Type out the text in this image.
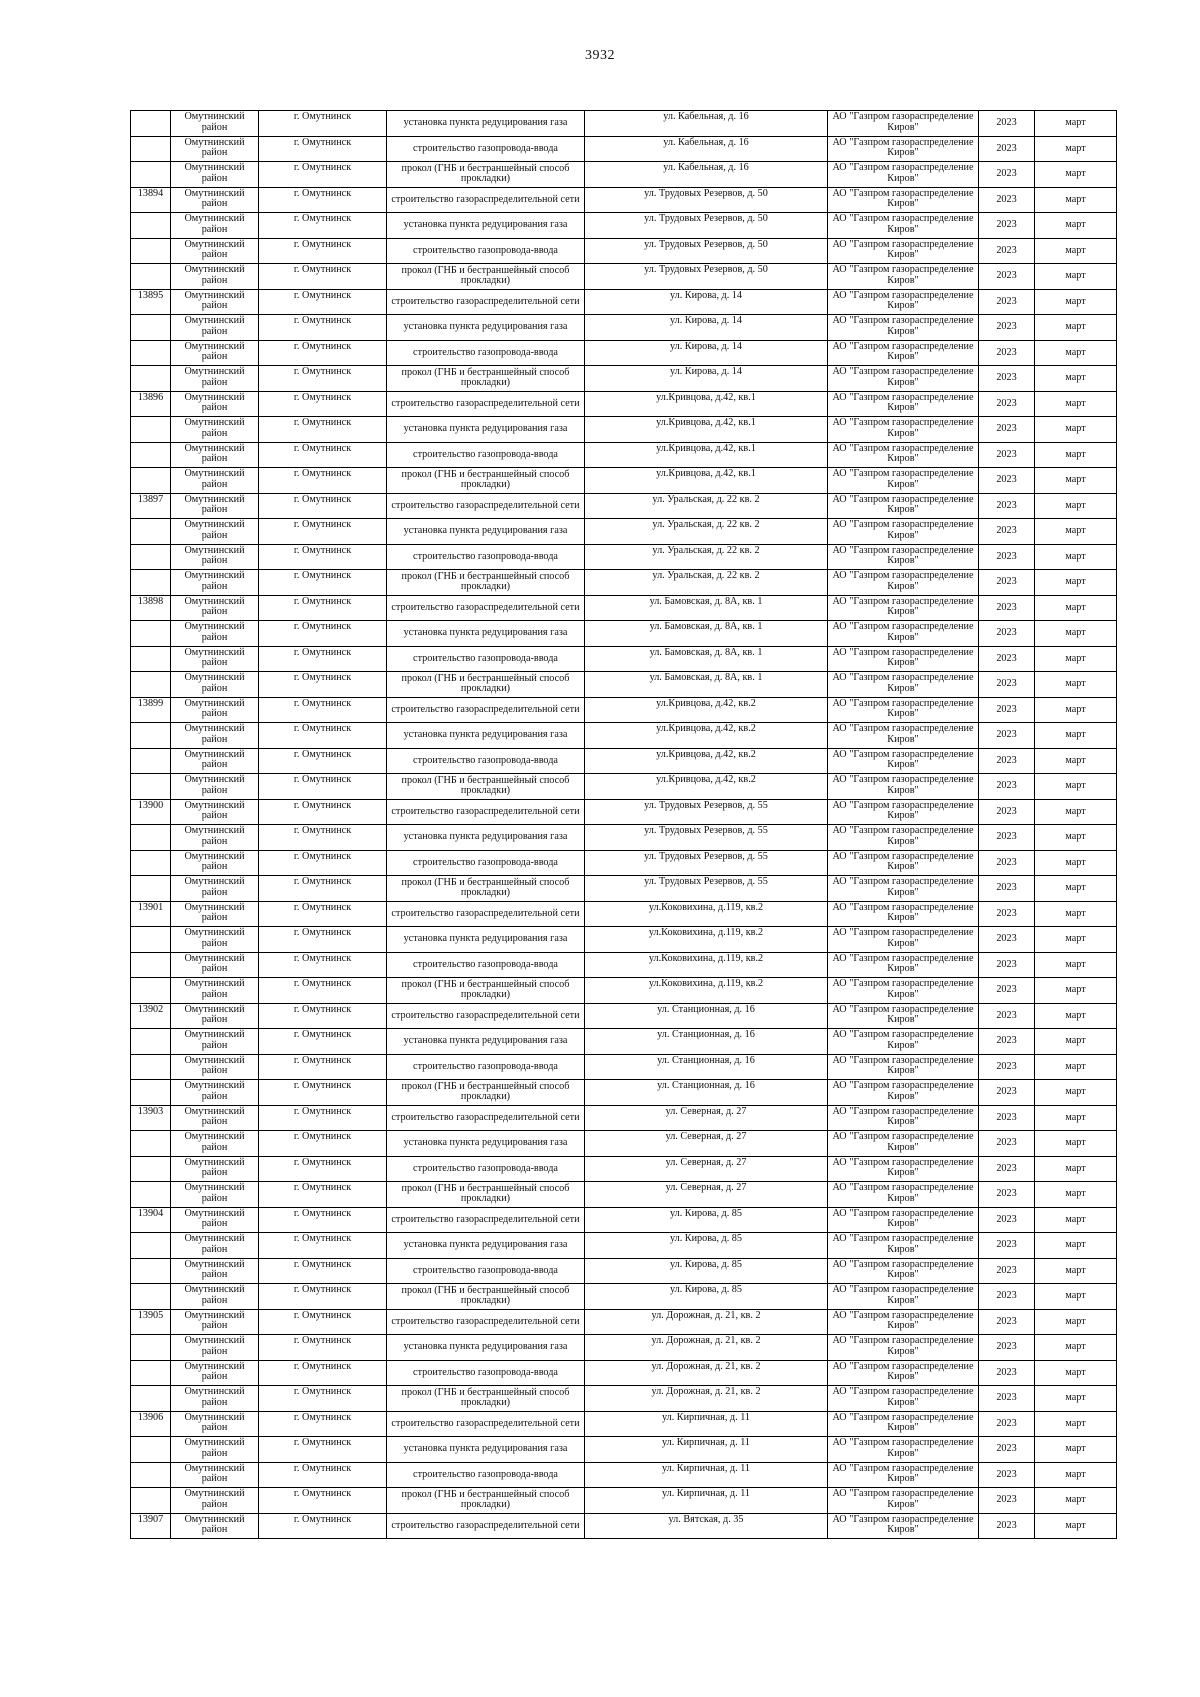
3932
	Омутнинский район	г. Омутнинск	установка пункта редуцирования газа	ул. Кабельная, д. 16	АО "Газпром газораспределение Киров"	2023	март
	Омутнинский район	г. Омутнинск	строительство газопровода-ввода	ул. Кабельная, д. 16	АО "Газпром газораспределение Киров"	2023	март
	Омутнинский район	г. Омутнинск	прокол (ГНБ и бестраншейный способ прокладки)	ул. Кабельная, д. 16	АО "Газпром газораспределение Киров"	2023	март
13894	Омутнинский район	г. Омутнинск	строительство газораспределительной сети	ул. Трудовых Резервов, д. 50	АО "Газпром газораспределение Киров"	2023	март
	Омутнинский район	г. Омутнинск	установка пункта редуцирования газа	ул. Трудовых Резервов, д. 50	АО "Газпром газораспределение Киров"	2023	март
	Омутнинский район	г. Омутнинск	строительство газопровода-ввода	ул. Трудовых Резервов, д. 50	АО "Газпром газораспределение Киров"	2023	март
	Омутнинский район	г. Омутнинск	прокол (ГНБ и бестраншейный способ прокладки)	ул. Трудовых Резервов, д. 50	АО "Газпром газораспределение Киров"	2023	март
13895	Омутнинский район	г. Омутнинск	строительство газораспределительной сети	ул. Кирова, д. 14	АО "Газпром газораспределение Киров"	2023	март
	Омутнинский район	г. Омутнинск	установка пункта редуцирования газа	ул. Кирова, д. 14	АО "Газпром газораспределение Киров"	2023	март
	Омутнинский район	г. Омутнинск	строительство газопровода-ввода	ул. Кирова, д. 14	АО "Газпром газораспределение Киров"	2023	март
	Омутнинский район	г. Омутнинск	прокол (ГНБ и бестраншейный способ прокладки)	ул. Кирова, д. 14	АО "Газпром газораспределение Киров"	2023	март
13896	Омутнинский район	г. Омутнинск	строительство газораспределительной сети	ул.Кривцова, д.42, кв.1	АО "Газпром газораспределение Киров"	2023	март
	Омутнинский район	г. Омутнинск	установка пункта редуцирования газа	ул.Кривцова, д.42, кв.1	АО "Газпром газораспределение Киров"	2023	март
	Омутнинский район	г. Омутнинск	строительство газопровода-ввода	ул.Кривцова, д.42, кв.1	АО "Газпром газораспределение Киров"	2023	март
	Омутнинский район	г. Омутнинск	прокол (ГНБ и бестраншейный способ прокладки)	ул.Кривцова, д.42, кв.1	АО "Газпром газораспределение Киров"	2023	март
13897	Омутнинский район	г. Омутнинск	строительство газораспределительной сети	ул. Уральская, д. 22 кв. 2	АО "Газпром газораспределение Киров"	2023	март
	Омутнинский район	г. Омутнинск	установка пункта редуцирования газа	ул. Уральская, д. 22 кв. 2	АО "Газпром газораспределение Киров"	2023	март
	Омутнинский район	г. Омутнинск	строительство газопровода-ввода	ул. Уральская, д. 22 кв. 2	АО "Газпром газораспределение Киров"	2023	март
	Омутнинский район	г. Омутнинск	прокол (ГНБ и бестраншейный способ прокладки)	ул. Уральская, д. 22 кв. 2	АО "Газпром газораспределение Киров"	2023	март
13898	Омутнинский район	г. Омутнинск	строительство газораспределительной сети	ул. Бамовская, д. 8А, кв. 1	АО "Газпром газораспределение Киров"	2023	март
	Омутнинский район	г. Омутнинск	установка пункта редуцирования газа	ул. Бамовская, д. 8А, кв. 1	АО "Газпром газораспределение Киров"	2023	март
	Омутнинский район	г. Омутнинск	строительство газопровода-ввода	ул. Бамовская, д. 8А, кв. 1	АО "Газпром газораспределение Киров"	2023	март
	Омутнинский район	г. Омутнинск	прокол (ГНБ и бестраншейный способ прокладки)	ул. Бамовская, д. 8А, кв. 1	АО "Газпром газораспределение Киров"	2023	март
13899	Омутнинский район	г. Омутнинск	строительство газораспределительной сети	ул.Кривцова, д.42, кв.2	АО "Газпром газораспределение Киров"	2023	март
	Омутнинский район	г. Омутнинск	установка пункта редуцирования газа	ул.Кривцова, д.42, кв.2	АО "Газпром газораспределение Киров"	2023	март
	Омутнинский район	г. Омутнинск	строительство газопровода-ввода	ул.Кривцова, д.42, кв.2	АО "Газпром газораспределение Киров"	2023	март
	Омутнинский район	г. Омутнинск	прокол (ГНБ и бестраншейный способ прокладки)	ул.Кривцова, д.42, кв.2	АО "Газпром газораспределение Киров"	2023	март
13900	Омутнинский район	г. Омутнинск	строительство газораспределительной сети	ул. Трудовых Резервов, д. 55	АО "Газпром газораспределение Киров"	2023	март
	Омутнинский район	г. Омутнинск	установка пункта редуцирования газа	ул. Трудовых Резервов, д. 55	АО "Газпром газораспределение Киров"	2023	март
	Омутнинский район	г. Омутнинск	строительство газопровода-ввода	ул. Трудовых Резервов, д. 55	АО "Газпром газораспределение Киров"	2023	март
	Омутнинский район	г. Омутнинск	прокол (ГНБ и бестраншейный способ прокладки)	ул. Трудовых Резервов, д. 55	АО "Газпром газораспределение Киров"	2023	март
13901	Омутнинский район	г. Омутнинск	строительство газораспределительной сети	ул.Коковихина, д.119, кв.2	АО "Газпром газораспределение Киров"	2023	март
	Омутнинский район	г. Омутнинск	установка пункта редуцирования газа	ул.Коковихина, д.119, кв.2	АО "Газпром газораспределение Киров"	2023	март
	Омутнинский район	г. Омутнинск	строительство газопровода-ввода	ул.Коковихина, д.119, кв.2	АО "Газпром газораспределение Киров"	2023	март
	Омутнинский район	г. Омутнинск	прокол (ГНБ и бестраншейный способ прокладки)	ул.Коковихина, д.119, кв.2	АО "Газпром газораспределение Киров"	2023	март
13902	Омутнинский район	г. Омутнинск	строительство газораспределительной сети	ул. Станционная, д. 16	АО "Газпром газораспределение Киров"	2023	март
	Омутнинский район	г. Омутнинск	установка пункта редуцирования газа	ул. Станционная, д. 16	АО "Газпром газораспределение Киров"	2023	март
	Омутнинский район	г. Омутнинск	строительство газопровода-ввода	ул. Станционная, д. 16	АО "Газпром газораспределение Киров"	2023	март
	Омутнинский район	г. Омутнинск	прокол (ГНБ и бестраншейный способ прокладки)	ул. Станционная, д. 16	АО "Газпром газораспределение Киров"	2023	март
13903	Омутнинский район	г. Омутнинск	строительство газораспределительной сети	ул. Северная, д. 27	АО "Газпром газораспределение Киров"	2023	март
	Омутнинский район	г. Омутнинск	установка пункта редуцирования газа	ул. Северная, д. 27	АО "Газпром газораспределение Киров"	2023	март
	Омутнинский район	г. Омутнинск	строительство газопровода-ввода	ул. Северная, д. 27	АО "Газпром газораспределение Киров"	2023	март
	Омутнинский район	г. Омутнинск	прокол (ГНБ и бестраншейный способ прокладки)	ул. Северная, д. 27	АО "Газпром газораспределение Киров"	2023	март
13904	Омутнинский район	г. Омутнинск	строительство газораспределительной сети	ул. Кирова, д. 85	АО "Газпром газораспределение Киров"	2023	март
	Омутнинский район	г. Омутнинск	установка пункта редуцирования газа	ул. Кирова, д. 85	АО "Газпром газораспределение Киров"	2023	март
	Омутнинский район	г. Омутнинск	строительство газопровода-ввода	ул. Кирова, д. 85	АО "Газпром газораспределение Киров"	2023	март
	Омутнинский район	г. Омутнинск	прокол (ГНБ и бестраншейный способ прокладки)	ул. Кирова, д. 85	АО "Газпром газораспределение Киров"	2023	март
13905	Омутнинский район	г. Омутнинск	строительство газораспределительной сети	ул. Дорожная, д. 21, кв. 2	АО "Газпром газораспределение Киров"	2023	март
	Омутнинский район	г. Омутнинск	установка пункта редуцирования газа	ул. Дорожная, д. 21, кв. 2	АО "Газпром газораспределение Киров"	2023	март
	Омутнинский район	г. Омутнинск	строительство газопровода-ввода	ул. Дорожная, д. 21, кв. 2	АО "Газпром газораспределение Киров"	2023	март
	Омутнинский район	г. Омутнинск	прокол (ГНБ и бестраншейный способ прокладки)	ул. Дорожная, д. 21, кв. 2	АО "Газпром газораспределение Киров"	2023	март
13906	Омутнинский район	г. Омутнинск	строительство газораспределительной сети	ул. Кирпичная, д. 11	АО "Газпром газораспределение Киров"	2023	март
	Омутнинский район	г. Омутнинск	установка пункта редуцирования газа	ул. Кирпичная, д. 11	АО "Газпром газораспределение Киров"	2023	март
	Омутнинский район	г. Омутнинск	строительство газопровода-ввода	ул. Кирпичная, д. 11	АО "Газпром газораспределение Киров"	2023	март
	Омутнинский район	г. Омутнинск	прокол (ГНБ и бестраншейный способ прокладки)	ул. Кирпичная, д. 11	АО "Газпром газораспределение Киров"	2023	март
13907	Омутнинский район	г. Омутнинск	строительство газораспределительной сети	ул. Вятская, д. 35	АО "Газпром газораспределение Киров"	2023	март
